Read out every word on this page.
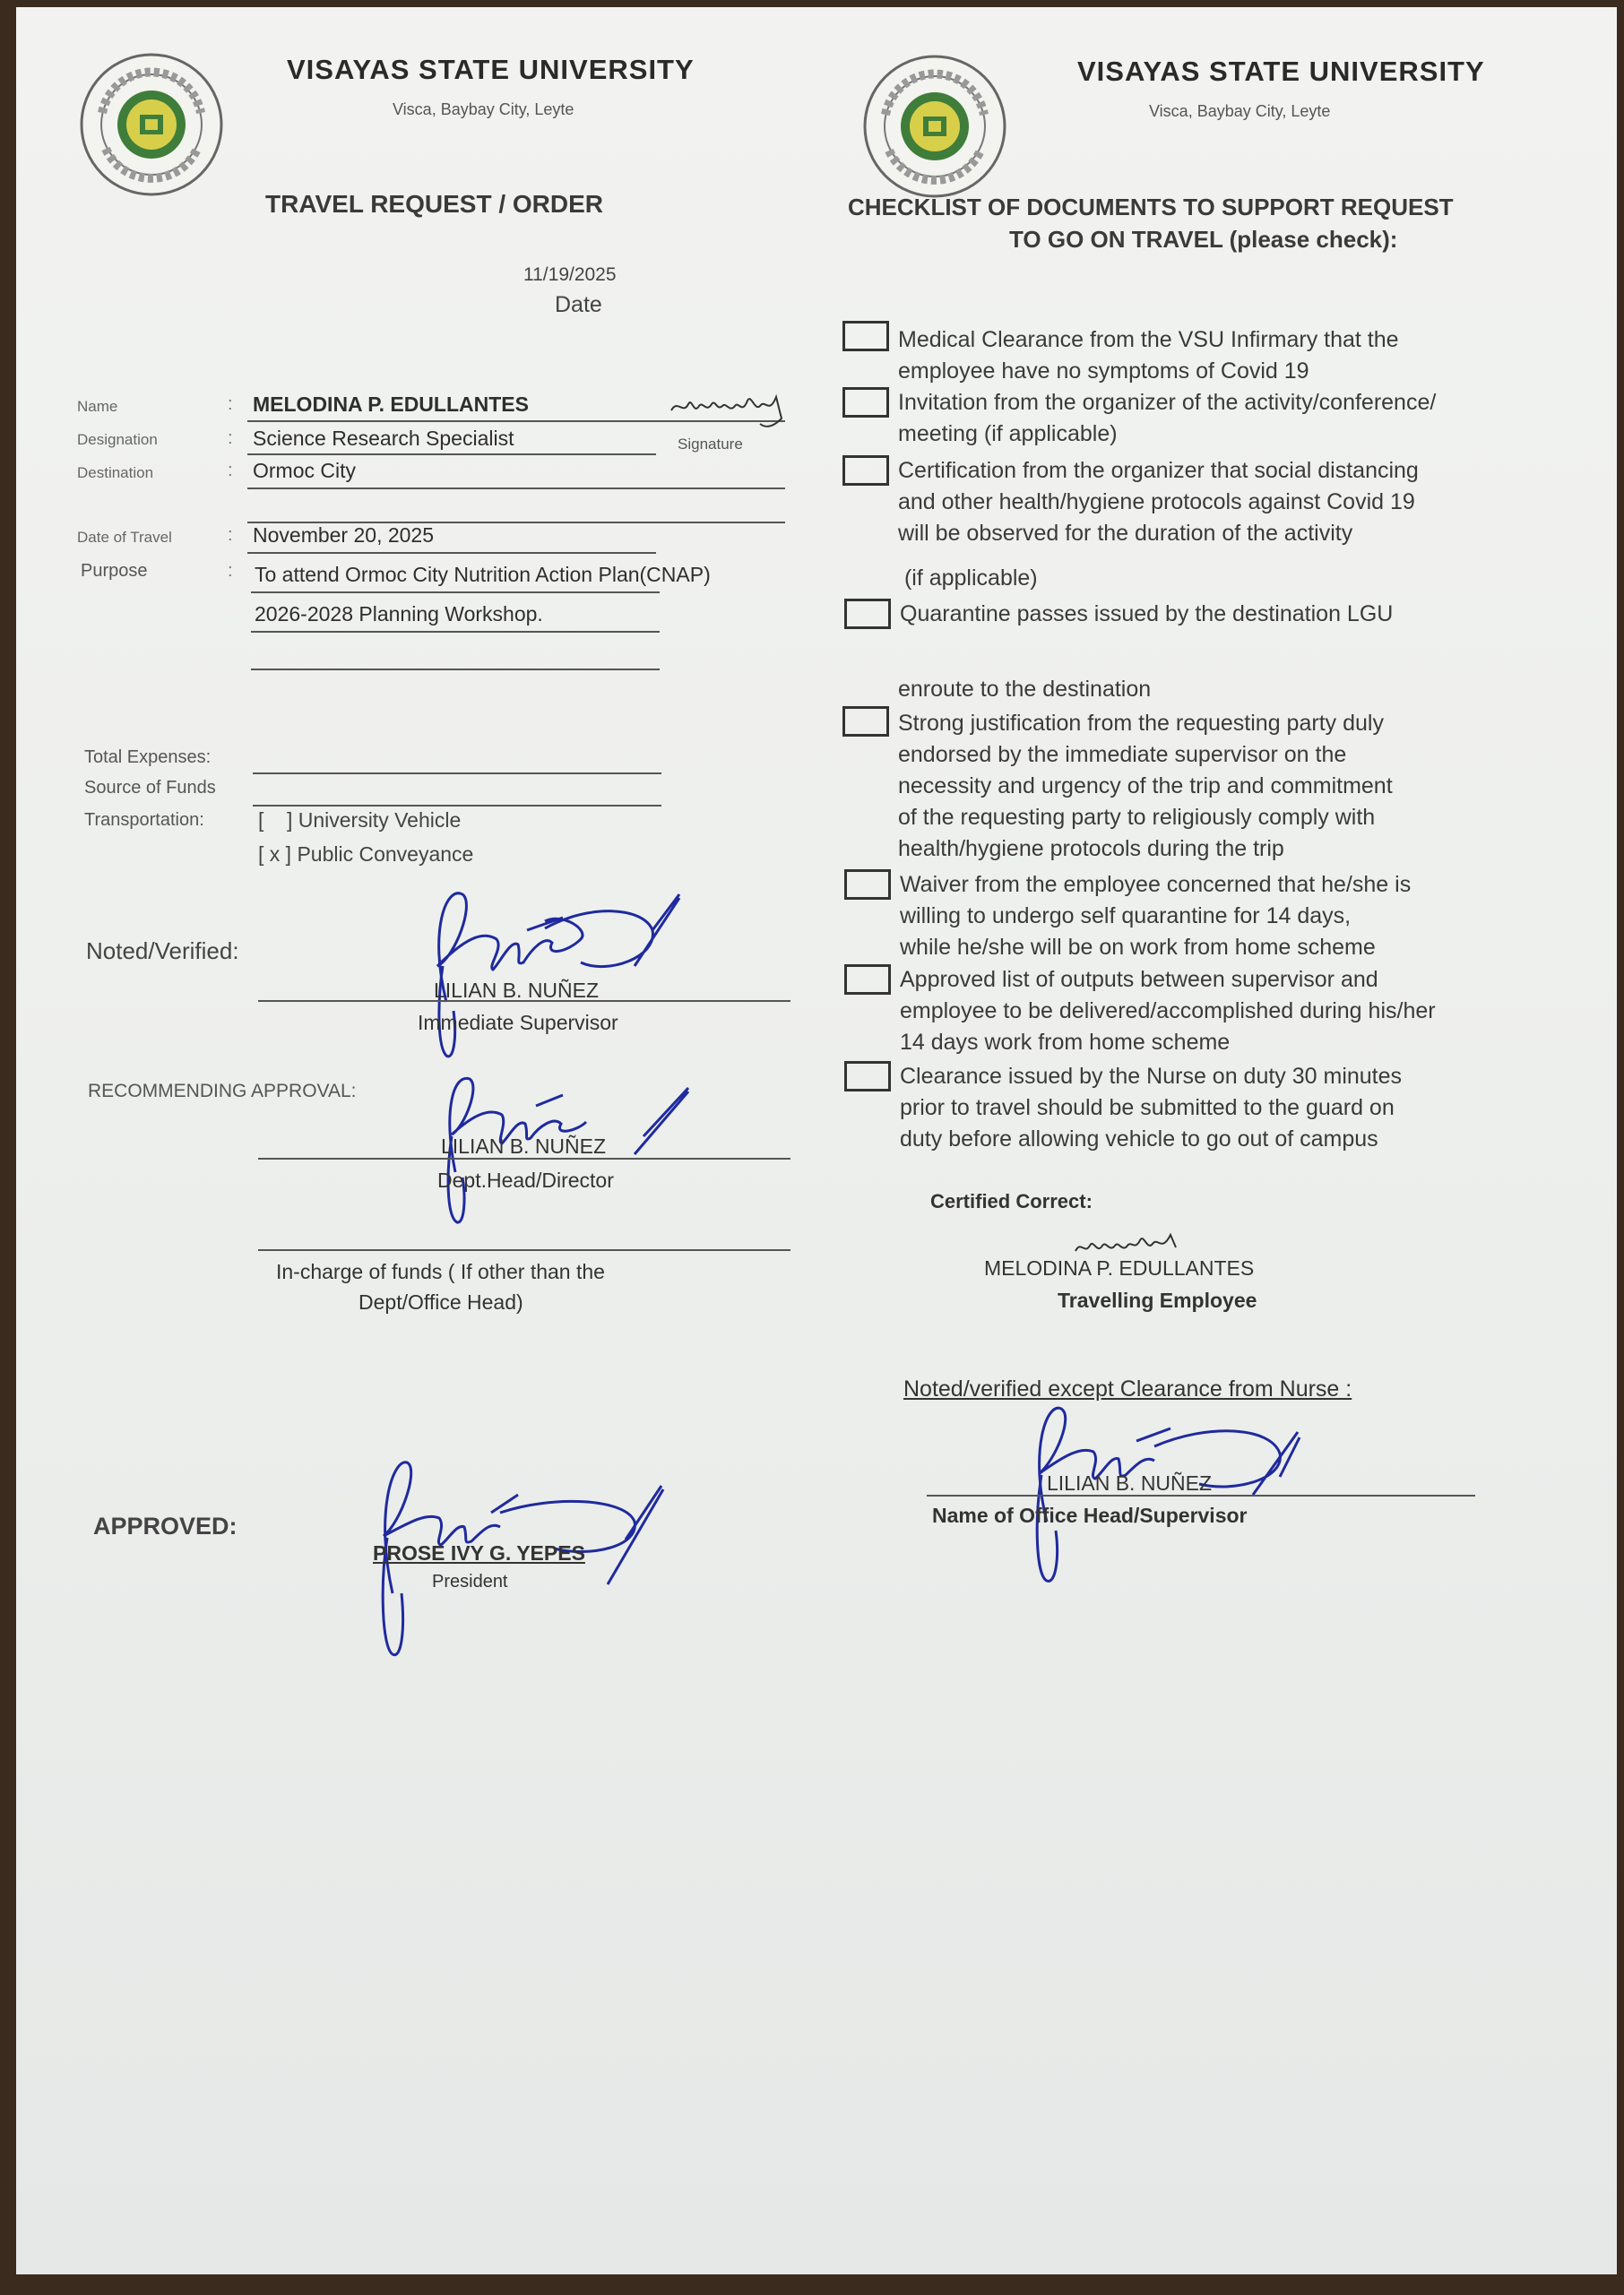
VISAYAS STATE UNIVERSITY
Visca, Baybay City, Leyte
TRAVEL REQUEST / ORDER
11/19/2025
Date
Name	: MELODINA P. EDULLANTES
Signature
Designation	: Science Research Specialist
Destination	: Ormoc City
Date of Travel	: November 20, 2025
Purpose	: To attend Ormoc City Nutrition Action Plan(CNAP)
2026-2028 Planning Workshop.
Total Expenses:
Source of Funds
Transportation:	[    ] University Vehicle
[ x ] Public Conveyance
Noted/Verified:
LILIAN B. NUÑEZ
Immediate Supervisor
RECOMMENDING APPROVAL:
LILIAN B. NUÑEZ
Dept.Head/Director
In-charge of funds ( If other than the
Dept/Office Head)
APPROVED:
PROSE IVY G. YEPES
President
VISAYAS STATE UNIVERSITY
Visca, Baybay City, Leyte
CHECKLIST OF DOCUMENTS TO SUPPORT REQUEST
TO GO ON TRAVEL (please check):
Medical Clearance from the VSU Infirmary that the
employee have no symptoms of Covid 19
Invitation from the organizer of the activity/conference/
meeting (if applicable)
Certification from the organizer that social distancing
and other health/hygiene protocols against Covid 19
will be observed for the duration of the activity
(if applicable)
Quarantine passes issued by the destination LGU
enroute to the destination
Strong justification from the requesting party duly
endorsed by the immediate supervisor on the
necessity and urgency of the trip and commitment
of the requesting party to religiously comply with
health/hygiene protocols during the trip
Waiver from the employee concerned that he/she is
willing to undergo self quarantine for 14 days,
while he/she will be on work from home scheme
Approved list of outputs between supervisor and
employee to be delivered/accomplished during his/her
14 days work from home scheme
Clearance issued by the Nurse on duty 30 minutes
prior to travel should be submitted to the guard on
duty before allowing vehicle to go out of campus
Certified Correct:
MELODINA P. EDULLANTES
Travelling Employee
Noted/verified except Clearance from Nurse :
LILIAN B. NUÑEZ
Name of Office Head/Supervisor
